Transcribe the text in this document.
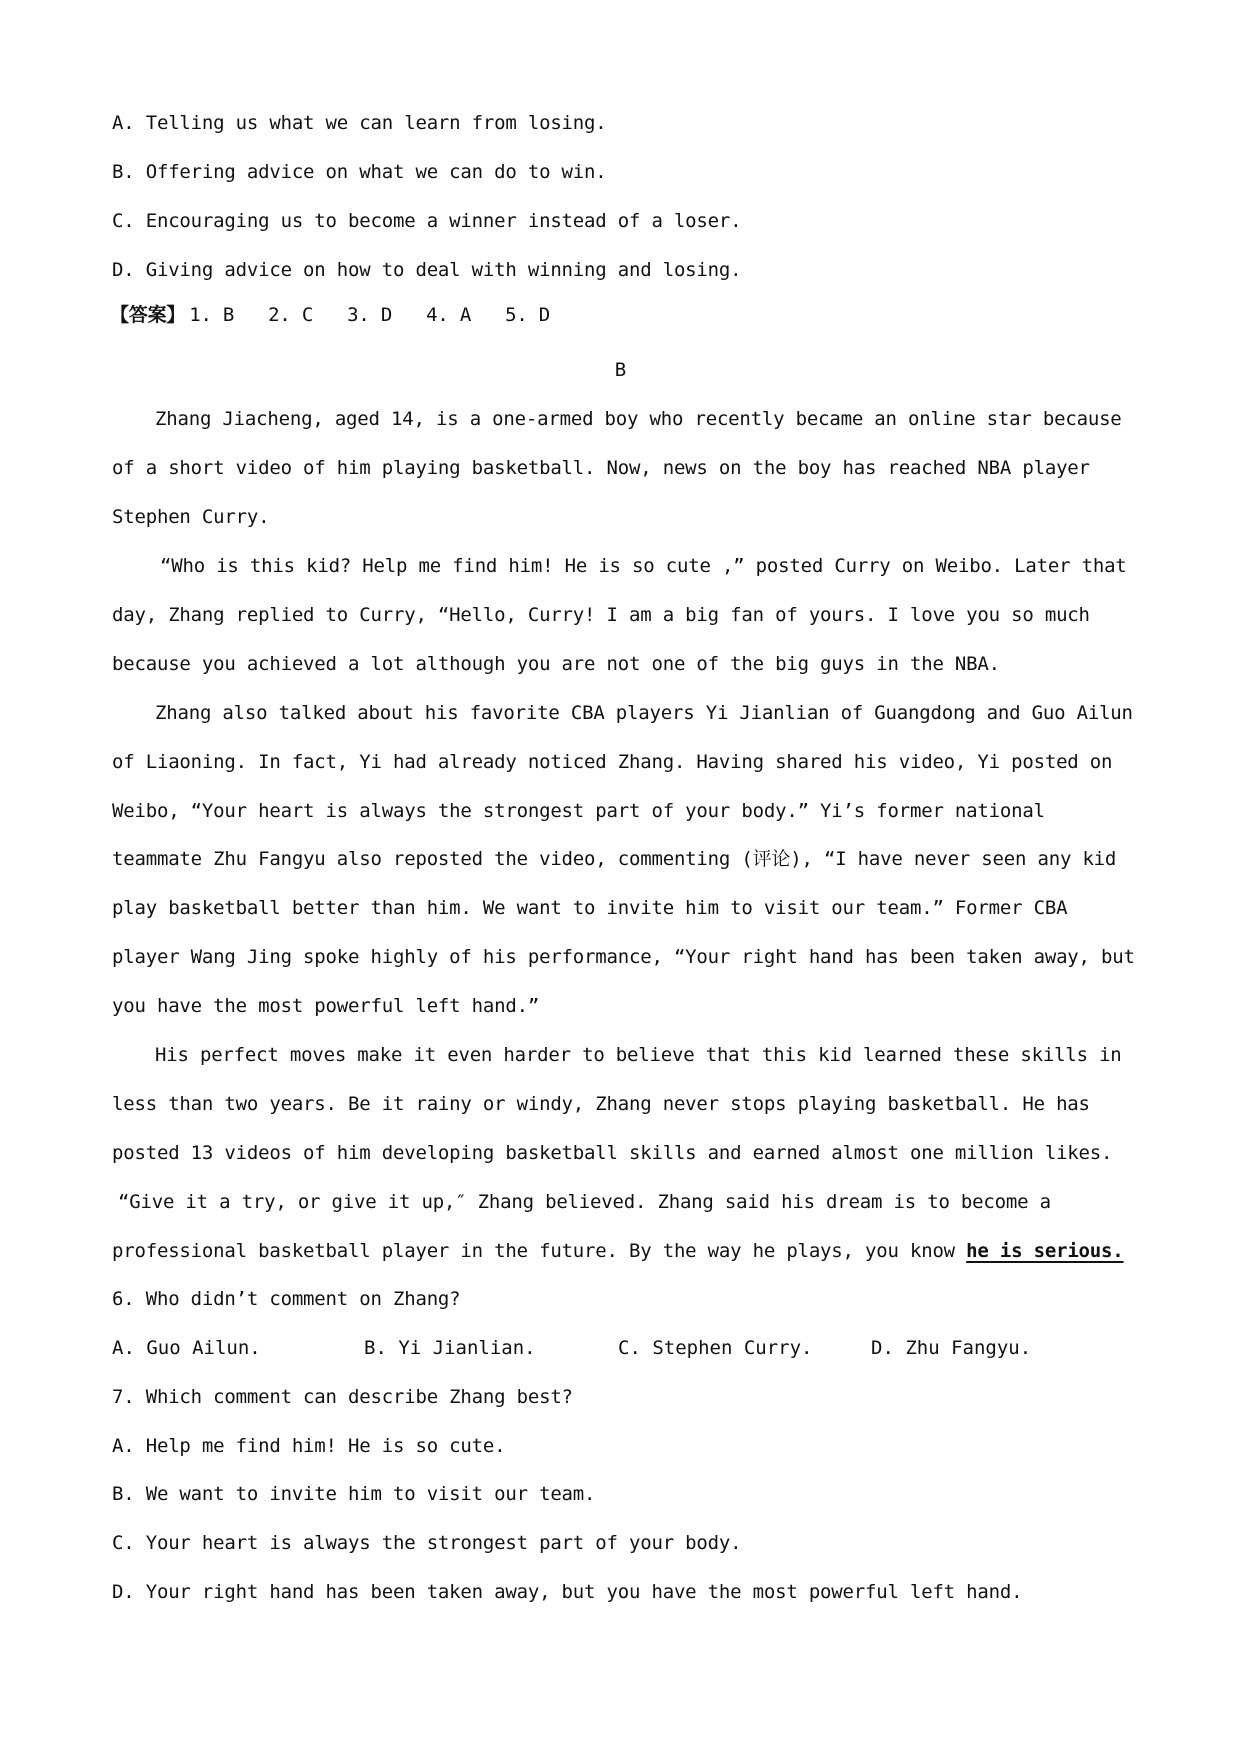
A. Telling us what we can learn from losing.
B. Offering advice on what we can do to win.
C. Encouraging us to become a winner instead of a loser.
D. Giving advice on how to deal with winning and losing.
【答案】 1. B 2. C 3. D 4. A 5. D
B
Zhang Jiacheng, aged 14, is a one-armed boy who recently became an online star because
of a short video of him playing basketball. Now, news on the boy has reached NBA player
Stephen Curry.
“Who is this kid? Help me find him! He is so cute ,” posted Curry on Weibo. Later that
day, Zhang replied to Curry, “Hello, Curry! I am a big fan of yours. I love you so much
because you achieved a lot although you are not one of the big guys in the NBA.
Zhang also talked about his favorite CBA players Yi Jianlian of Guangdong and Guo Ailun
of Liaoning. In fact, Yi had already noticed Zhang. Having shared his video, Yi posted on
Weibo, “Your heart is always the strongest part of your body.” Yi’s former national
teammate Zhu Fangyu also reposted the video, commenting (评论), “I have never seen any kid
play basketball better than him. We want to invite him to visit our team.” Former CBA
player Wang Jing spoke highly of his performance, “Your right hand has been taken away, but
you have the most powerful left hand.”
His perfect moves make it even harder to believe that this kid learned these skills in
less than two years. Be it rainy or windy, Zhang never stops playing basketball. He has
posted 13 videos of him developing basketball skills and earned almost one million likes.
“Give it a try, or give it up,″ Zhang believed. Zhang said his dream is to become a
professional basketball player in the future. By the way he plays, you know he is serious.
6. Who didn’t comment on Zhang?
A. Guo Ailun.	B. Yi Jianlian.	C. Stephen Curry.	D. Zhu Fangyu.
7. Which comment can describe Zhang best?
A. Help me find him! He is so cute.
B. We want to invite him to visit our team.
C. Your heart is always the strongest part of your body.
D. Your right hand has been taken away, but you have the most powerful left hand.
